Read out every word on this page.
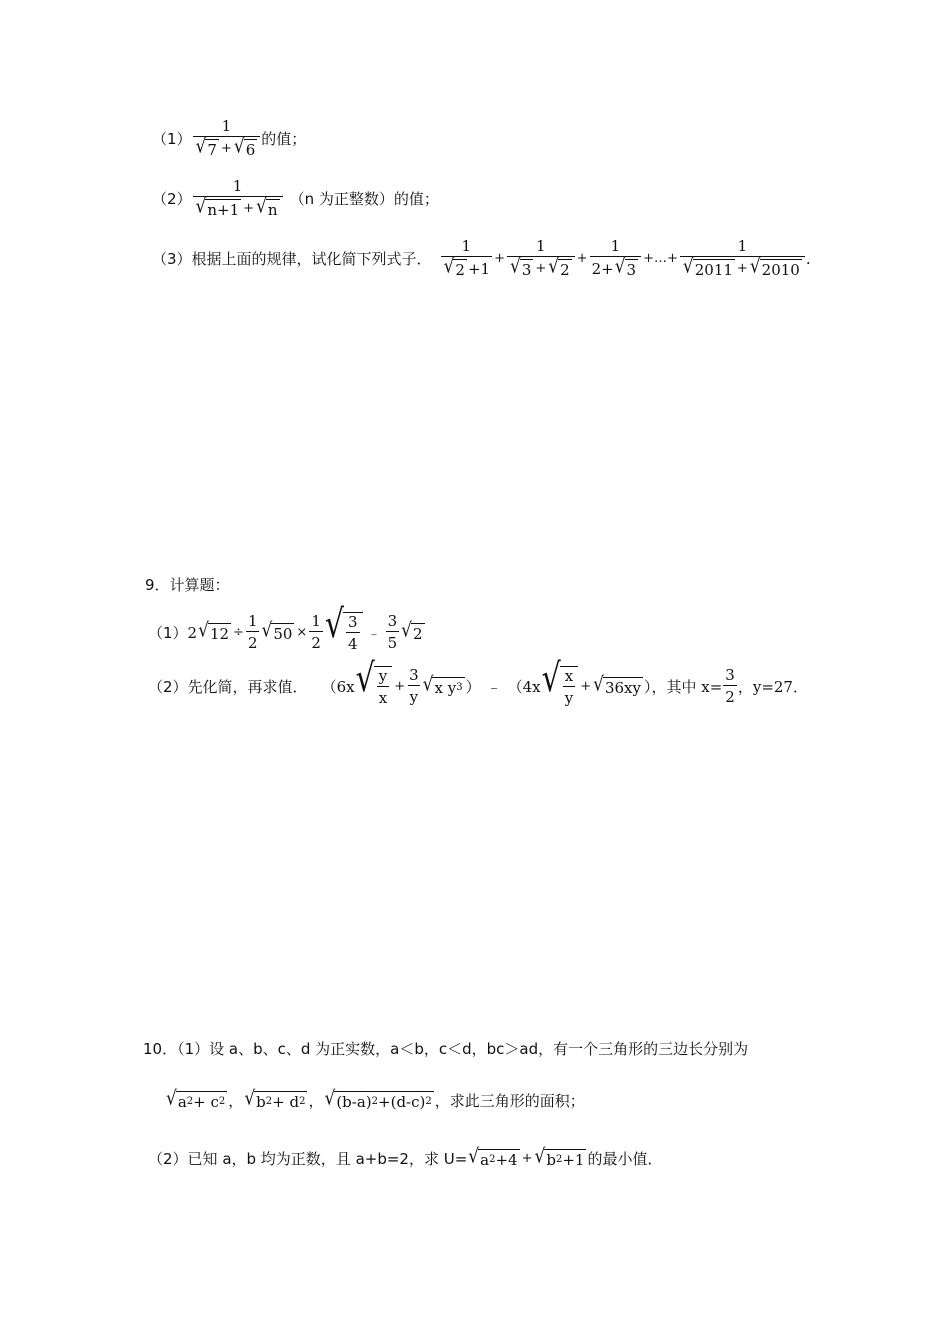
$(1) \frac{1}{√ 7 + √ 6}$ 的值；
$(2) \frac{1}{√ n+1 + √ n} (n$ 为正整数）的值；
（3） 根据上面的规律，试化简下列式子． $\frac{1}{√ 2 +1} + \frac{1}{√ 3 + √ 2} + \frac{1}{2+ √ 3}$ +…+ $\frac{1}{√ 2011 + √ 2010}$ .
9．计算题：
（1） 2 √ $12 \div \frac{1}{2}$ √ $50 \times \frac{1}{2}$ √ $\frac{3}{4}$ ﹣ $\frac{3}{5}$ √ 2
（2） 先化简，再求值． （6x √ $\frac{y}{x} + \frac{3}{y}$ √ x y 3 ） ﹣ （4x √ $\frac{x}{y}$ + √ 36xy ），其中 $x= \frac{3}{2}$ ，y=27．
10．（1）设 a、b、c、d 为正实数，a＜b，c＜d，bc＞ad，有一个三角形的三边长分别为
√ a 2 + c 2 ， √ b 2 + d 2 ， √ (b-a) 2 +(d-c) 2 ，求此三角形的面积；
（2） 已知 a，b 均为正数，且 a+b=2，求 U= √ a 2 +4 + √ b 2 +1 的最小值．
